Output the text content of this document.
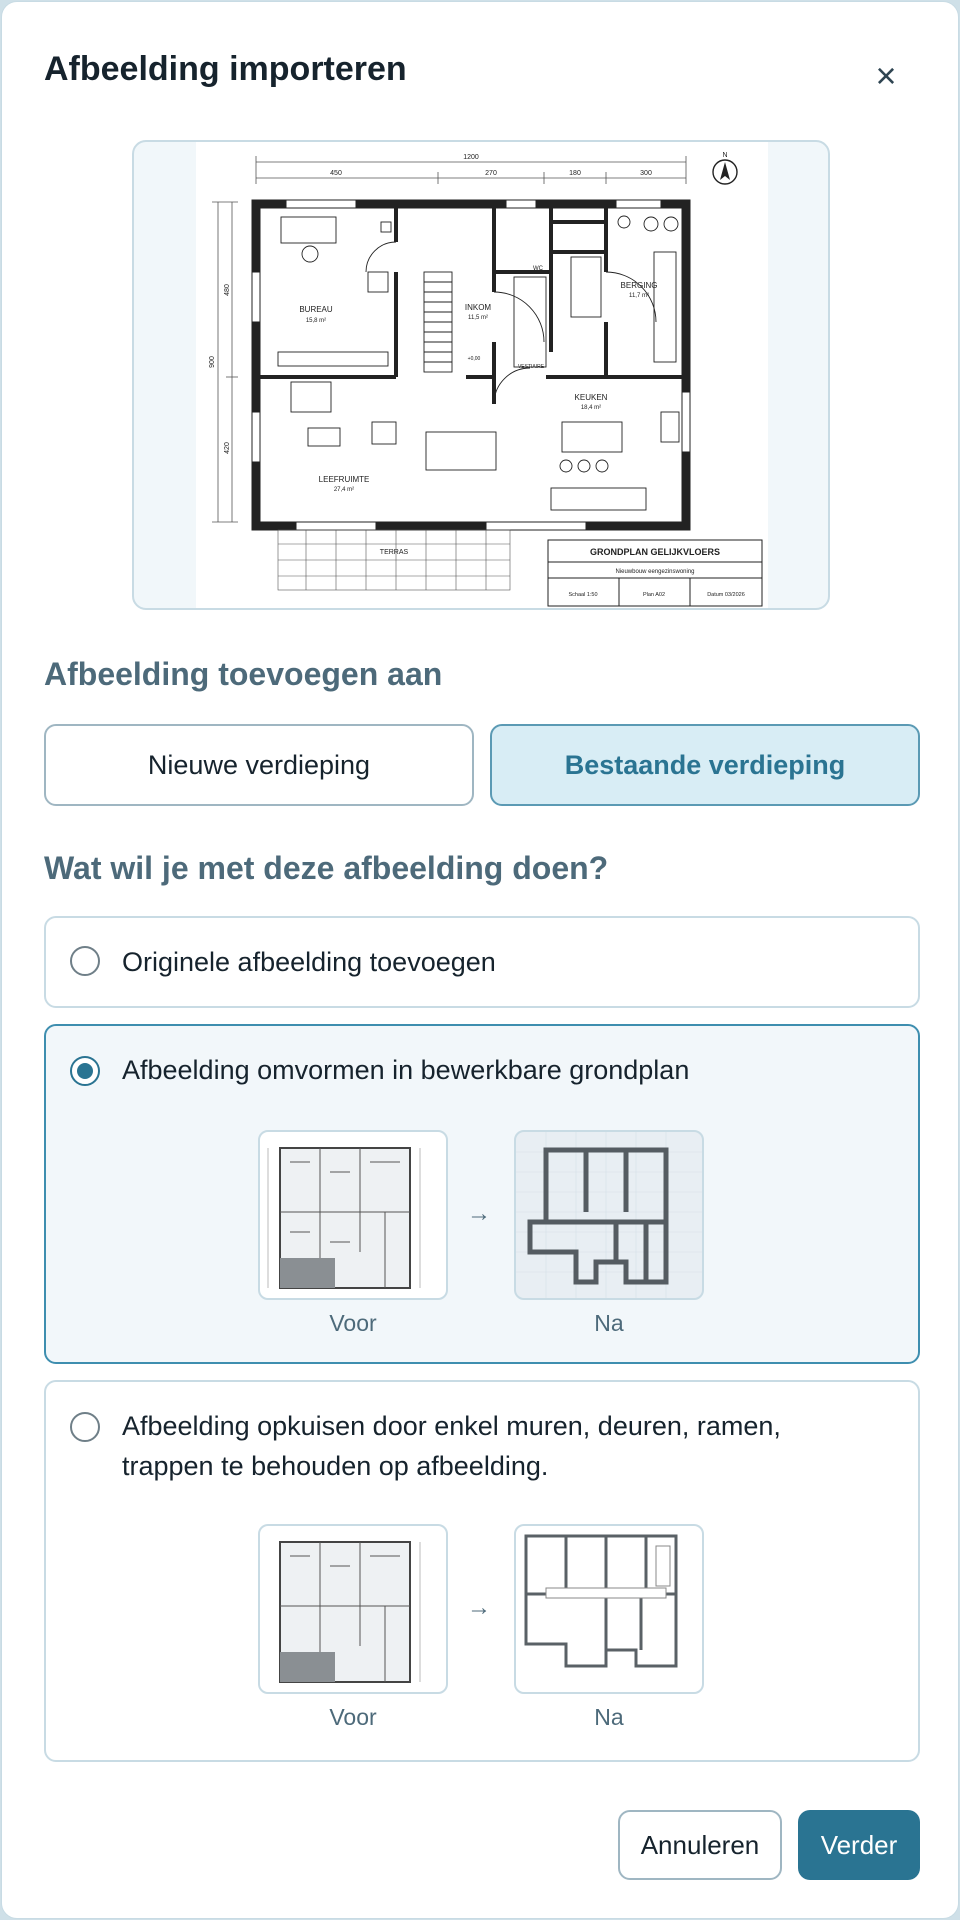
Afbeelding importeren	×
1200
450	270	180	300
480
900
420
N
BUREAU
15,8 m²
INKOM
11,5 m²
WC
BERGING
11,7 m²
VESTIAIRE
KEUKEN
18,4 m²
LEEFRUIMTE
27,4 m²
+0,00
TERRAS	GRONDPLAN GELIJKVLOERS
Nieuwbouw eengezinswoning
Schaal 1:50	Plan A02	Datum 03/2026
Afbeelding toevoegen aan
Nieuwe verdieping	Bestaande verdieping
Wat wil je met deze afbeelding doen?
Originele afbeelding toevoegen
Afbeelding omvormen in bewerkbare grondplan
Voor
→
Na
Afbeelding opkuisen door enkel muren, deuren, ramen,
trappen te behouden op afbeelding.
Voor
→
Na
Annuleren	Verder
